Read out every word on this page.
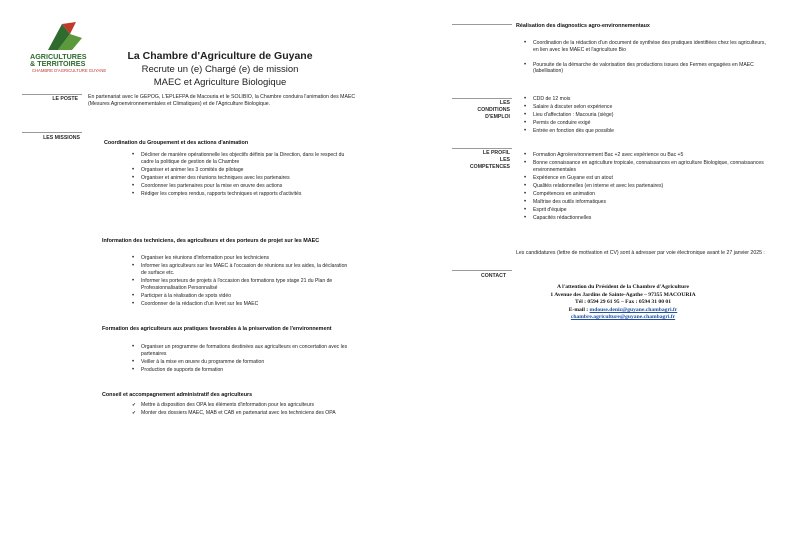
AGRICULTURES
& TERRITOIRES
CHAMBRE D'AGRICULTURE GUYANE
La Chambre d'Agriculture de Guyane
Recrute un (e) Chargé (e) de mission
MAEC et Agriculture Biologique
LE POSTE En partenariat avec le GEPOG, L'EPLEFPA de Macouria et le SOLIBIO, la Chambre conduira l'animation des MAEC (Mesures Agroenvironnementales et Climatiques) et de l'Agriculture Biologique.
LES MISSIONS
Coordination du Groupement et des actions d'animation
• Décliner de manière opérationnelle les objectifs définis par la Direction, dans le respect du cadre la politique de gestion de la Chambre
• Organiser et animer les 3 comités de pilotage
• Organiser et animer des réunions techniques avec les partenaires
• Coordonner les partenaires pour la mise en œuvre des actions
• Rédiger les comptes rendus, rapports techniques et rapports d'activités
Information des techniciens, des agriculteurs et des porteurs de projet sur les MAEC
• Organiser les réunions d'information pour les techniciens
• Informer les agriculteurs sur les MAEC à l'occasion de réunions sur les aides, la déclaration de surface etc.
• Informer les porteurs de projets à l'occasion des formations type stage 21 du Plan de Professionnalisation Personnalisé
• Participer à la réalisation de spots vidéo
• Coordonner de la rédaction d'un livret sur les MAEC
Formation des agriculteurs aux pratiques favorables à la préservation de l'environnement
• Organiser un programme de formations destinées aux agriculteurs en concertation avec les partenaires
• Veiller à la mise en œuvre du programme de formation
• Production de supports de formation
Conseil et accompagnement administratif des agriculteurs
✔ Mettre à disposition des OPA les éléments d'information pour les agriculteurs
✔ Monter des dossiers MAEC, MAB et CAB en partenariat avec les techniciens des OPA
Réalisation des diagnostics agro-environnementaux
• Coordination de la rédaction d'un document de synthèse des pratiques identifiées chez les agriculteurs, en lien avec les MAEC et l'agriculture Bio
• Poursuite de la démarche de valorisation des productions issues des Fermes engagées en MAEC (labellisation)
LES
CONDITIONS
D'EMPLOI
• CDD de 12 mois
• Salaire à discuter selon expérience
• Lieu d'affectation : Macouria (siège)
• Permis de conduire exigé
• Entrée en fonction dès que possible
LE PROFIL
LES
COMPETENCES
• Formation Agro/environnement Bac +2 avec expérience ou Bac +5
• Bonne connaissance en agriculture tropicale, connaissances en agriculture Biologique, connaissances environnementales
• Expérience en Guyane est un atout
• Qualités relationnelles (en interne et avec les partenaires)
• Compétences en animation
• Maîtrise des outils informatiques
• Esprit d'équipe
• Capacités rédactionnelles
Les candidatures (lettre de motivation et CV) sont à adresser par voie électronique avant le 27 janvier 2025 :
CONTACT
A l'attention du Président de la Chambre d'Agriculture
1 Avenue des Jardins de Sainte-Agathe – 97355 MACOURIA
Tél : 0594 29 61 95 – Fax : 0594 31 00 01
E-mail : mdouse.deniz@guyane.chambagri.fr
chambre.agriculture@guyane.chambagri.fr
